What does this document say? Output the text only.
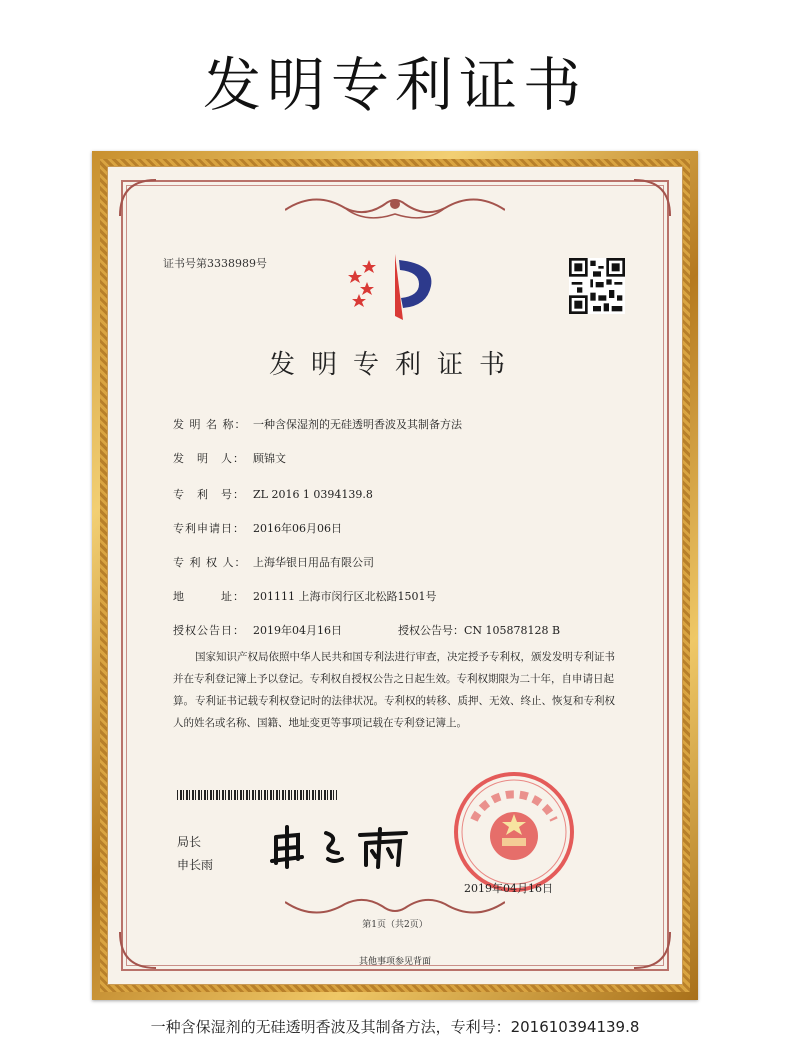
发明专利证书
证书号第3338989号
发明专利证书
发 明 名 称： 一种含保湿剂的无硅透明香波及其制备方法
发　明　人： 顾锦文
专　利　号： ZL 2016 1 0394139.8
专利申请日： 2016年06月06日
专 利 权 人： 上海华银日用品有限公司
地　　　址： 201111 上海市闵行区北松路1501号
授权公告日： 2019年04月16日	授权公告号：CN 105878128 B
国家知识产权局依照中华人民共和国专利法进行审查，决定授予专利权，颁发发明专利证书并在专利登记簿上予以登记。专利权自授权公告之日起生效。专利权期限为二十年，自申请日起算。 专利证书记载专利权登记时的法律状况。专利权的转移、质押、无效、终止、恢复和专利权人的姓名或名称、国籍、地址变更等事项记载在专利登记簿上。
局长
申长雨
2019年04月16日
第1页（共2页）
其他事项参见背面
一种含保湿剂的无硅透明香波及其制备方法，专利号：201610394139.8
